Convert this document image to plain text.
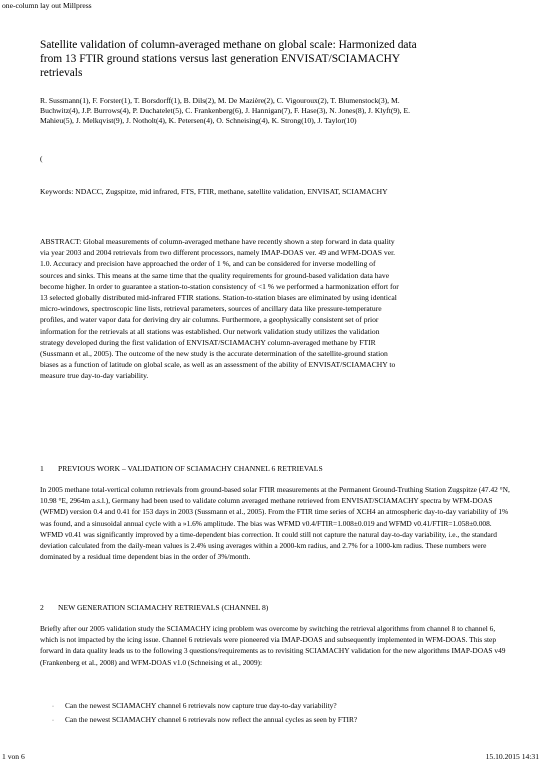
one-column lay out Millpress
Satellite validation of column-averaged methane on global scale: Harmonized data from 13 FTIR ground stations versus last generation ENVISAT/SCIAMACHY retrievals
R. Sussmann(1), F. Forster(1), T. Borsdorff(1), B. Dils(2), M. De Mazière(2), C. Vigouroux(2), T. Blumenstock(3), M. Buchwitz(4), J.P. Burrows(4), P. Duchatelet(5), C. Frankenberg(6), J. Hannigan(7), F. Hase(3), N. Jones(8), J. Klyft(9), E. Mahieu(5), J. Melkqvist(9), J. Notholt(4), K. Petersen(4), O. Schneising(4), K. Strong(10), J. Taylor(10)
(
Keywords: NDACC, Zugspitze, mid infrared, FTS, FTIR, methane, satellite validation, ENVISAT, SCIAMACHY
ABSTRACT: Global measurements of column-averaged methane have recently shown a step forward in data quality via year 2003 and 2004 retrievals from two different processors, namely IMAP-DOAS ver. 49 and WFM-DOAS ver. 1.0. Accuracy and precision have approached the order of 1 %, and can be considered for inverse modelling of sources and sinks. This means at the same time that the quality requirements for ground-based validation data have become higher. In order to guarantee a station-to-station consistency of <1 % we performed a harmonization effort for 13 selected globally distributed mid-infrared FTIR stations. Station-to-station biases are eliminated by using identical micro-windows, spectroscopic line lists, retrieval parameters, sources of ancillary data like pressure-temperature profiles, and water vapor data for deriving dry air columns. Furthermore, a geophysically consistent set of prior information for the retrievals at all stations was established. Our network validation study utilizes the validation strategy developed during the first validation of ENVISAT/SCIAMACHY column-averaged methane by FTIR (Sussmann et al., 2005). The outcome of the new study is the accurate determination of the satellite-ground station biases as a function of latitude on global scale, as well as an assessment of the ability of ENVISAT/SCIAMACHY to measure true day-to-day variability.
1 PREVIOUS WORK – VALIDATION OF SCIAMACHY CHANNEL 6 RETRIEVALS
In 2005 methane total-vertical column retrievals from ground-based solar FTIR measurements at the Permanent Ground-Truthing Station Zugspitze (47.42 °N, 10.98 °E, 2964m a.s.l.), Germany had been used to validate column averaged methane retrieved from ENVISAT/SCIAMACHY spectra by WFM-DOAS (WFMD) version 0.4 and 0.41 for 153 days in 2003 (Sussmann et al., 2005). From the FTIR time series of XCH4 an atmospheric day-to-day variability of 1% was found, and a sinusoidal annual cycle with a »1.6% amplitude. The bias was WFMD v0.4/FTIR=1.008±0.019 and WFMD v0.41/FTIR=1.058±0.008. WFMD v0.41 was significantly improved by a time-dependent bias correction. It could still not capture the natural day-to-day variability, i.e., the standard deviation calculated from the daily-mean values is 2.4% using averages within a 2000-km radius, and 2.7% for a 1000-km radius. These numbers were dominated by a residual time dependent bias in the order of 3%/month.
2 NEW GENERATION SCIAMACHY RETRIEVALS (CHANNEL 8)
Briefly after our 2005 validation study the SCIAMACHY icing problem was overcome by switching the retrieval algorithms from channel 8 to channel 6, which is not impacted by the icing issue. Channel 6 retrievals were pioneered via IMAP-DOAS and subsequently implemented in WFM-DOAS. This step forward in data quality leads us to the following 3 questions/requirements as to revisiting SCIAMACHY validation for the new algorithms IMAP-DOAS v49 (Frankenberg et al., 2008) and WFM-DOAS v1.0 (Schneising et al., 2009):
· Can the newest SCIAMACHY channel 6 retrievals now capture true day-to-day variability?
· Can the newest SCIAMACHY channel 6 retrievals now reflect the annual cycles as seen by FTIR?
1 von 6	15.10.2015 14:31
